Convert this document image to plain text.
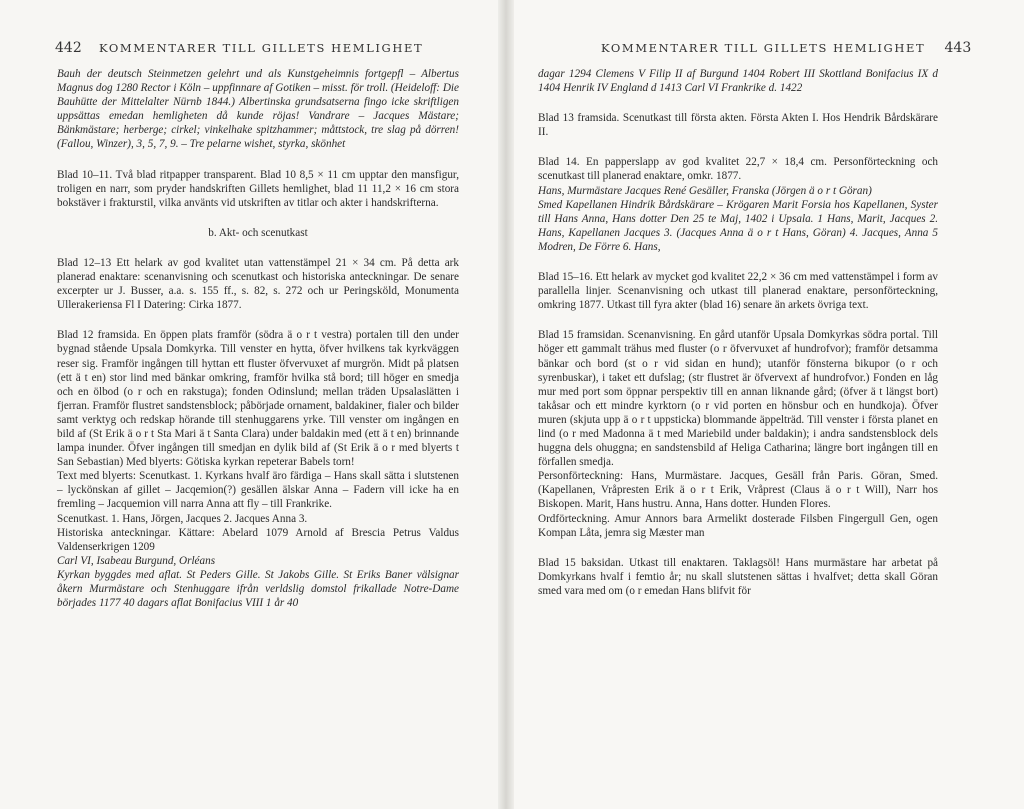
442 KOMMENTARER TILL GILLETS HEMLIGHET

Bauh der deutsch Steinmetzen gelehrt und als Kunstgeheimnis fortgepfl – Albertus Magnus dog 1280 Rector i Köln – uppfinnare af Gotiken – misst. för troll. (Heideloff: Die Bauhütte der Mittelalter Nürnb 1844.) Albertinska grundsatserna fingo icke skriftligen uppsättas emedan hemligheten då kunde röjas! Vandrare – Jacques Mästare; Bänkmästare; herberge; cirkel; vinkelhake spitzhammer; måttstock, tre slag på dörren! (Fallou, Winzer), 3, 5, 7, 9. – Tre pelarne wishet, styrka, skönhet

Blad 10–11. Två blad ritpapper transparent. Blad 10 8,5 × 11 cm upptar den mansfigur, troligen en narr, som pryder handskriften Gillets hemlighet, blad 11 11,2 × 16 cm stora bokstäver i frakturstil, vilka använts vid utskriften av titlar och akter i handskrifterna.

b. Akt- och scenutkast

Blad 12–13 Ett helark av god kvalitet utan vattenstämpel 21 × 34 cm. På detta ark planerad enaktare: scenanvisning och scenutkast och historiska anteckningar. De senare excerpter ur J. Busser, a.a. s. 155 ff., s. 82, s. 272 och ur Peringsköld, Monumenta Ullerakeriensa Fl I Datering: Cirka 1877.

Blad 12 framsida. En öppen plats framför (södra ä o r t vestra) portalen till den under bygnad stående Upsala Domkyrka. Till venster en hytta, öfver hvilkens tak kyrkväggen reser sig. Framför ingången till hyttan ett fluster öfvervuxet af murgrön. Midt på platsen (ett ä t en) stor lind med bänkar omkring, framför hvilka stå bord; till höger en smedja och en ölbod (o r och en rakstuga); fonden Odinslund; mellan träden Upsalaslätten i fjerran. Framför flustret sandstensblock; påbörjade ornament, baldakiner, fialer och bilder samt verktyg och redskap hörande till stenhuggarens yrke. Till venster om ingången en bild af (St Erik ä o r t Sta Mari ä t Santa Clara) under baldakin med (ett ä t en) brinnande lampa inunder. Öfver ingången till smedjan en dylik bild af (St Erik ä o r med blyerts t San Sebastian) Med blyerts: Götiska kyrkan repeterar Babels torn!

Text med blyerts: Scenutkast. 1. Kyrkans hvalf äro färdiga – Hans skall sätta i slutstenen – lyckönskan af gillet – Jacqemion(?) gesällen älskar Anna – Fadern vill icke ha en fremling – Jacquemion vill narra Anna att fly – till Frankrike.

Scenutkast. 1. Hans, Jörgen, Jacques 2. Jacques Anna 3.

Historiska anteckningar. Kättare: Abelard 1079 Arnold af Brescia Petrus Valdus Valdenserkrigen 1209

Carl VI, Isabeau Burgund, Orléans

Kyrkan byggdes med aflat. St Peders Gille. St Jakobs Gille. St Eriks Baner välsignar åkern Murmästare och Stenhuggare ifrån verldslig domstol frikallade Notre-Dame börjades 1177 40 dagars aflat Bonifacius VIII 1 år 40

KOMMENTARER TILL GILLETS HEMLIGHET 443

dagar 1294 Clemens V Filip II af Burgund 1404 Robert III Skottland Bonifacius IX d 1404 Henrik IV England d 1413 Carl VI Frankrike d. 1422

Blad 13 framsida. Scenutkast till första akten. Första Akten I. Hos Hendrik Bårdskärare II.

Blad 14. En papperslapp av god kvalitet 22,7 × 18,4 cm. Personförteckning och scenutkast till planerad enaktare, omkr. 1877.

Hans, Murmästare Jacques René Gesäller, Franska (Jörgen ä o r t Göran)

Smed Kapellanen Hindrik Bårdskärare – Krögaren Marit Forsia hos Kapellanen, Syster till Hans Anna, Hans dotter Den 25 te Maj, 1402 i Upsala. 1 Hans, Marit, Jacques 2. Hans, Kapellanen Jacques 3. (Jacques Anna ä o r t Hans, Göran) 4. Jacques, Anna 5 Modren, De Förre 6. Hans,

Blad 15–16. Ett helark av mycket god kvalitet 22,2 × 36 cm med vattenstämpel i form av parallella linjer. Scenanvisning och utkast till planerad enaktare, personförteckning, omkring 1877. Utkast till fyra akter (blad 16) senare än arkets övriga text.

Blad 15 framsidan. Scenanvisning. En gård utanför Upsala Domkyrkas södra portal. Till höger ett gammalt trähus med fluster (o r öfvervuxet af hundrofvor); framför detsamma bänkar och bord (st o r vid sidan en hund); utanför fönsterna bikupor (o r och syrenbuskar), i taket ett dufslag; (str flustret är öfvervext af hundrofvor.) Fonden en låg mur med port som öppnar perspektiv till en annan liknande gård; (öfver ä t längst bort) takåsar och ett mindre kyrktorn (o r vid porten en hönsbur och en hundkoja). Öfver muren (skjuta upp ä o r t uppsticka) blommande äppelträd. Till venster i första planet en lind (o r med Madonna ä t med Mariebild under baldakin); i andra sandstensblock dels huggna dels ohuggna; en sandstensbild af Heliga Catharina; längre bort ingången till en förfallen smedja.

Personförteckning: Hans, Murmästare. Jacques, Gesäll från Paris. Göran, Smed. (Kapellanen, Vråpresten Erik ä o r t Erik, Vråprest (Claus ä o r t Will), Narr hos Biskopen. Marit, Hans hustru. Anna, Hans dotter. Hunden Flores.

Ordförteckning. Amur Annors bara Armelikt dosterade Filsben Fingergull Gen, ogen Kompan Låta, jemra sig Mæster man

Blad 15 baksidan. Utkast till enaktaren. Taklagsöl! Hans murmästare har arbetat på Domkyrkans hvalf i femtio år; nu skall slutstenen sättas i hvalfvet; detta skall Göran smed vara med om (o r emedan Hans blifvit för
